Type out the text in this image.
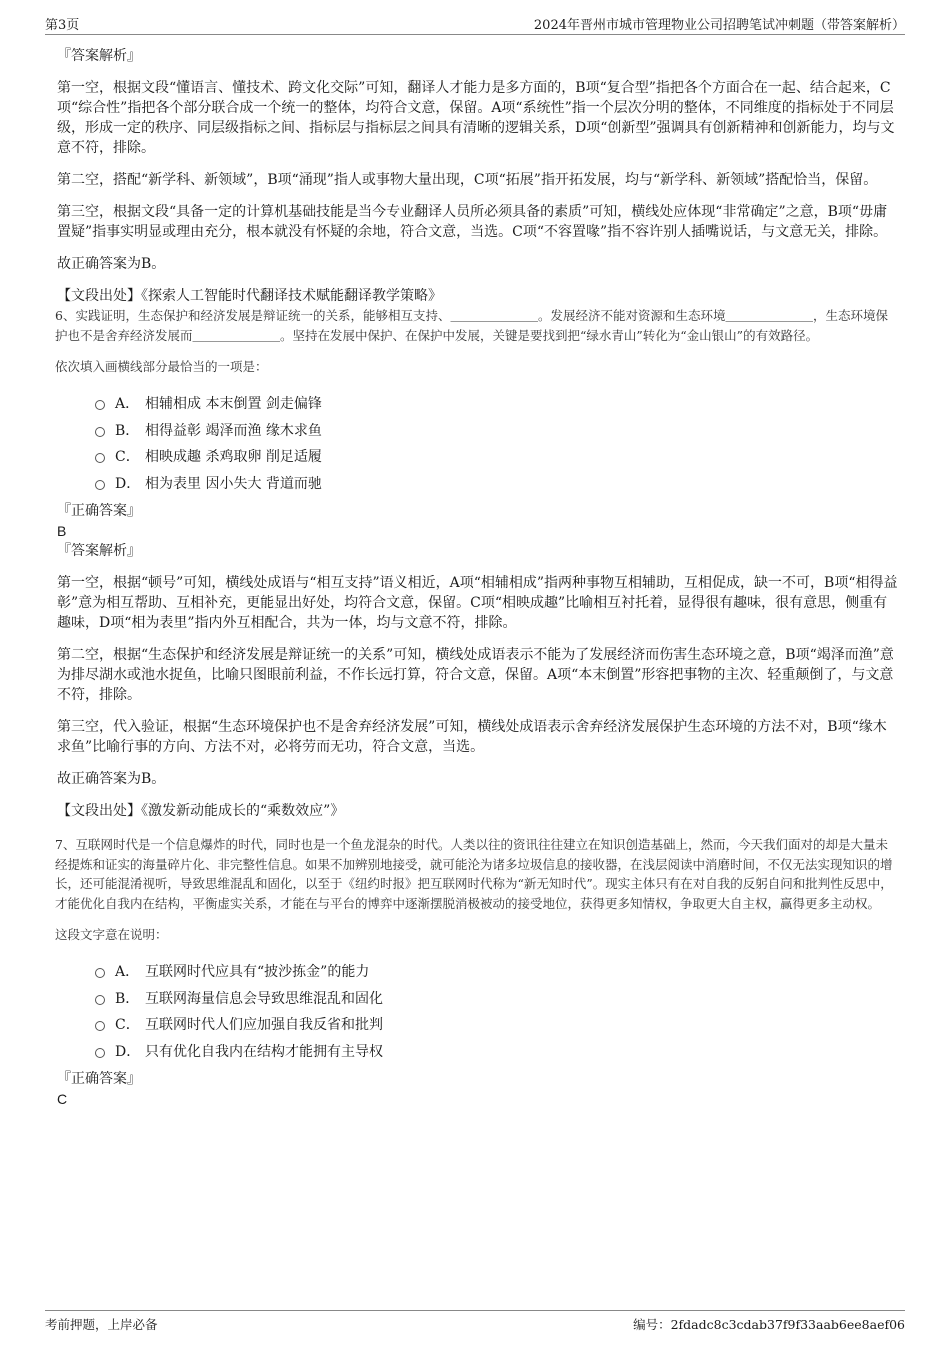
第3页	2024年晋州市城市管理物业公司招聘笔试冲刺题（带答案解析）

『答案解析』

第一空，根据文段“懂语言、懂技术、跨文化交际”可知，翻译人才能力是多方面的，B项“复合型”指把各个方面合在一起、结合起来，C项“综合性”指把各个部分联合成一个统一的整体，均符合文意，保留。A项“系统性”指一个层次分明的整体，不同维度的指标处于不同层级，形成一定的秩序、同层级指标之间、指标层与指标层之间具有清晰的逻辑关系，D项“创新型”强调具有创新精神和创新能力，均与文意不符，排除。

第二空，搭配“新学科、新领域”，B项“涌现”指人或事物大量出现，C项“拓展”指开拓发展，均与“新学科、新领域”搭配恰当，保留。

第三空，根据文段“具备一定的计算机基础技能是当今专业翻译人员所必须具备的素质”可知，横线处应体现“非常确定”之意，B项“毋庸置疑”指事实明显或理由充分，根本就没有怀疑的余地，符合文意，当选。C项“不容置喙”指不容许别人插嘴说话，与文意无关，排除。

故正确答案为B。

【文段出处】《探索人工智能时代翻译技术赋能翻译教学策略》

6、实践证明，生态保护和经济发展是辩证统一的关系，能够相互支持、＿＿＿＿＿＿＿。发展经济不能对资源和生态环境＿＿＿＿＿＿＿，生态环境保护也不是舍弃经济发展而＿＿＿＿＿＿＿。坚持在发展中保护、在保护中发展，关键是要找到把“绿水青山”转化为“金山银山”的有效路径。

依次填入画横线部分最恰当的一项是：

A． 相辅相成 本末倒置 剑走偏锋
B． 相得益彰 竭泽而渔 缘木求鱼
C． 相映成趣 杀鸡取卵 削足适履
D． 相为表里 因小失大 背道而驰

『正确答案』

B

『答案解析』

第一空，根据“顿号”可知，横线处成语与“相互支持”语义相近，A项“相辅相成”指两种事物互相辅助，互相促成，缺一不可，B项“相得益彰”意为相互帮助、互相补充，更能显出好处，均符合文意，保留。C项“相映成趣”比喻相互衬托着，显得很有趣味，很有意思，侧重有趣味，D项“相为表里”指内外互相配合，共为一体，均与文意不符，排除。

第二空，根据“生态保护和经济发展是辩证统一的关系”可知，横线处成语表示不能为了发展经济而伤害生态环境之意，B项“竭泽而渔”意为排尽湖水或池水捉鱼，比喻只图眼前利益，不作长远打算，符合文意，保留。A项“本末倒置”形容把事物的主次、轻重颠倒了，与文意不符，排除。

第三空，代入验证，根据“生态环境保护也不是舍弃经济发展”可知，横线处成语表示舍弃经济发展保护生态环境的方法不对，B项“缘木求鱼”比喻行事的方向、方法不对，必将劳而无功，符合文意，当选。

故正确答案为B。

【文段出处】《激发新动能成长的“乘数效应”》

7、互联网时代是一个信息爆炸的时代，同时也是一个鱼龙混杂的时代。人类以往的资讯往往建立在知识创造基础上，然而，今天我们面对的却是大量未经提炼和证实的海量碎片化、非完整性信息。如果不加辨别地接受，就可能沦为诸多垃圾信息的接收器，在浅层阅读中消磨时间，不仅无法实现知识的增长，还可能混淆视听，导致思维混乱和固化，以至于《纽约时报》把互联网时代称为“新无知时代”。现实主体只有在对自我的反躬自问和批判性反思中，才能优化自我内在结构，平衡虚实关系，才能在与平台的博弈中逐渐摆脱消极被动的接受地位，获得更多知情权，争取更大自主权，赢得更多主动权。

这段文字意在说明：

A． 互联网时代应具有“披沙拣金”的能力
B． 互联网海量信息会导致思维混乱和固化
C． 互联网时代人们应加强自我反省和批判
D． 只有优化自我内在结构才能拥有主导权

『正确答案』

C

考前押题，上岸必备	编号：2fdadc8c3cdab37f9f33aab6ee8aef06
